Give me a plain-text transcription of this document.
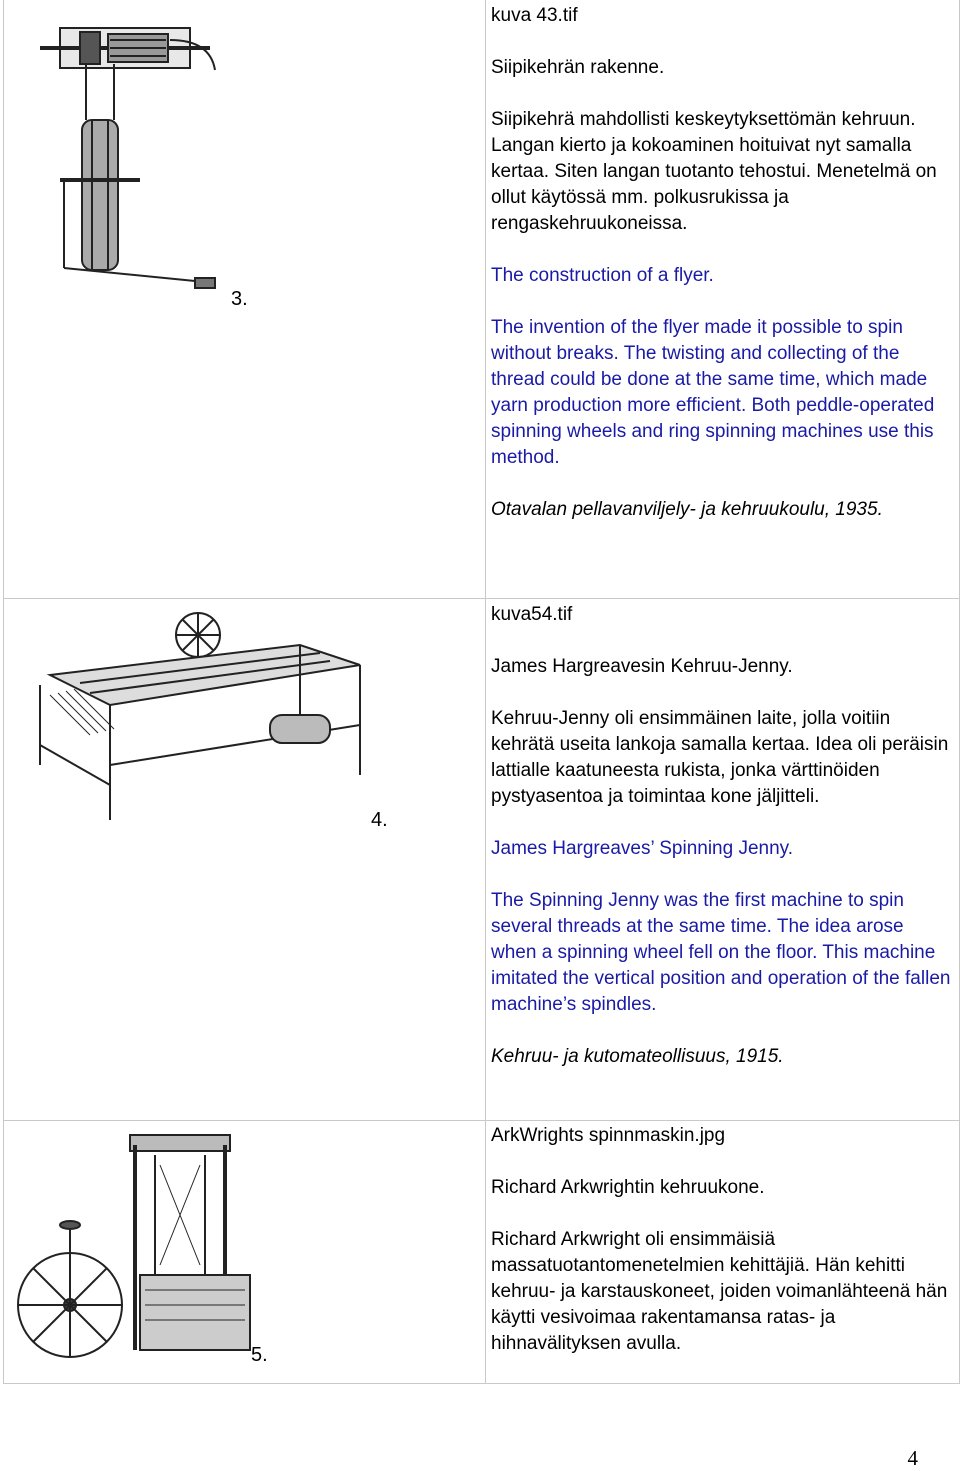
3.
4.
5.

kuva 43.tif

Siipikehrän rakenne.

Siipikehrä mahdollisti keskeytyksettömän kehruun. Langan kierto ja kokoaminen hoituivat nyt samalla kertaa. Siten langan tuotanto tehostui. Menetelmä on ollut käytössä mm. polkusrukissa ja rengaskehruukoneissa.

The construction of a flyer.

The invention of the flyer made it possible to spin without breaks. The twisting and collecting of the thread could be done at the same time, which made yarn production more efficient. Both peddle-operated spinning wheels and ring spinning machines use this method.

Otavalan pellavanviljely- ja kehruukoulu, 1935.

kuva54.tif

James Hargreavesin Kehruu-Jenny.

Kehruu-Jenny oli ensimmäinen laite, jolla voitiin kehrätä useita lankoja samalla kertaa. Idea oli peräisin lattialle kaatuneesta rukista, jonka värttinöiden pystyasentoa ja toimintaa kone jäljitteli.

James Hargreaves’ Spinning Jenny.

The Spinning Jenny was the first machine to spin several threads at the same time. The idea arose when a spinning wheel fell on the floor. This machine imitated the vertical position and operation of the fallen machine’s spindles.

Kehruu- ja kutomateollisuus, 1915.

ArkWrights spinnmaskin.jpg

Richard Arkwrightin kehruukone.

Richard Arkwright oli ensimmäisiä massatuotantomenetelmien kehittäjiä. Hän kehitti kehruu- ja karstauskoneet, joiden voimanlähteenä hän käytti vesivoimaa rakentamansa ratas- ja hihnavälityksen avulla.

4
